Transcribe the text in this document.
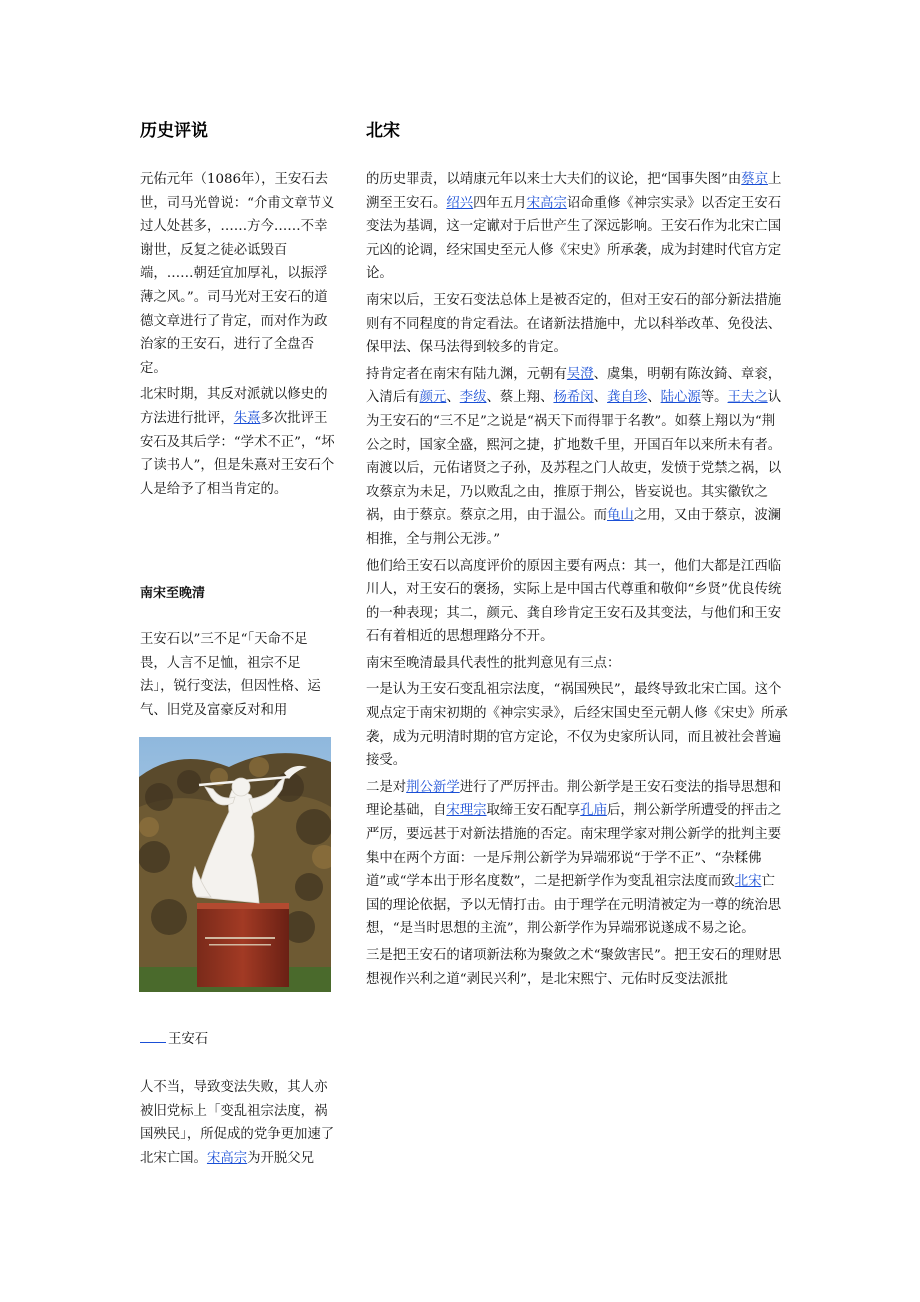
历史评说	北宋

元佑元年（1086年），王安石去世，司马光曾说：“介甫文章节义过人处甚多，……方今……不幸谢世，反复之徒必诋毁百端，……朝廷宜加厚礼，以振浮薄之风。”。司马光对王安石的道德文章进行了肯定，而对作为政治家的王安石，进行了全盘否定。

北宋时期，其反对派就以修史的方法进行批评，朱熹多次批评王安石及其后学：“学术不正”，“坏了读书人”，但是朱熹对王安石个人是给予了相当肯定的。

南宋至晚清

王安石以”三不足“「天命不足畏，人言不足恤，祖宗不足法」，锐行变法，但因性格、运气、旧党及富豪反对和用

王安石

人不当，导致变法失败，其人亦被旧党标上「变乱祖宗法度，祸国殃民」，所促成的党争更加速了北宋亡国。宋高宗为开脱父兄

的历史罪责，以靖康元年以来士大夫们的议论，把“国事失图”由蔡京上溯至王安石。绍兴四年五月宋高宗诏命重修《神宗实录》以否定王安石变法为基调，这一定谳对于后世产生了深远影响。王安石作为北宋亡国元凶的论调，经宋国史至元人修《宋史》所承袭，成为封建时代官方定论。

南宋以后，王安石变法总体上是被否定的，但对王安石的部分新法措施则有不同程度的肯定看法。在诸新法措施中，尤以科举改革、免役法、保甲法、保马法得到较多的肯定。

持肯定者在南宋有陆九渊，元朝有吴澄、虞集，明朝有陈汝錡、章衮，入清后有颜元、李绂、蔡上翔、杨希闵、龚自珍、陆心源等。王夫之认为王安石的“三不足”之说是“祸天下而得罪于名教”。如蔡上翔以为“荆公之时，国家全盛，熙河之捷，扩地数千里，开国百年以来所未有者。南渡以后，元佑诸贤之子孙，及苏程之门人故吏，发愤于党禁之祸，以攻蔡京为未足，乃以败乱之由，推原于荆公，皆妄说也。其实徽钦之祸，由于蔡京。蔡京之用，由于温公。而龟山之用，又由于蔡京，波澜相推，全与荆公无涉。”

他们给王安石以高度评价的原因主要有两点：其一，他们大都是江西临川人，对王安石的褒扬，实际上是中国古代尊重和敬仰“乡贤”优良传统的一种表现；其二，颜元、龚自珍肯定王安石及其变法，与他们和王安石有着相近的思想理路分不开。

南宋至晚清最具代表性的批判意见有三点：

一是认为王安石变乱祖宗法度，“祸国殃民”，最终导致北宋亡国。这个观点定于南宋初期的《神宗实录》，后经宋国史至元朝人修《宋史》所承袭，成为元明清时期的官方定论，不仅为史家所认同，而且被社会普遍接受。

二是对荆公新学进行了严厉抨击。荆公新学是王安石变法的指导思想和理论基础，自宋理宗取缔王安石配享孔庙后，荆公新学所遭受的抨击之严厉，要远甚于对新法措施的否定。南宋理学家对荆公新学的批判主要集中在两个方面：一是斥荆公新学为异端邪说“于学不正”、“杂糅佛道”或“学本出于形名度数”，二是把新学作为变乱祖宗法度而致北宋亡国的理论依据，予以无情打击。由于理学在元明清被定为一尊的统治思想，“是当时思想的主流”，荆公新学作为异端邪说遂成不易之论。

三是把王安石的诸项新法称为聚敛之术“聚敛害民”。把王安石的理财思想视作兴利之道“剥民兴利”，是北宋熙宁、元佑时反变法派批
